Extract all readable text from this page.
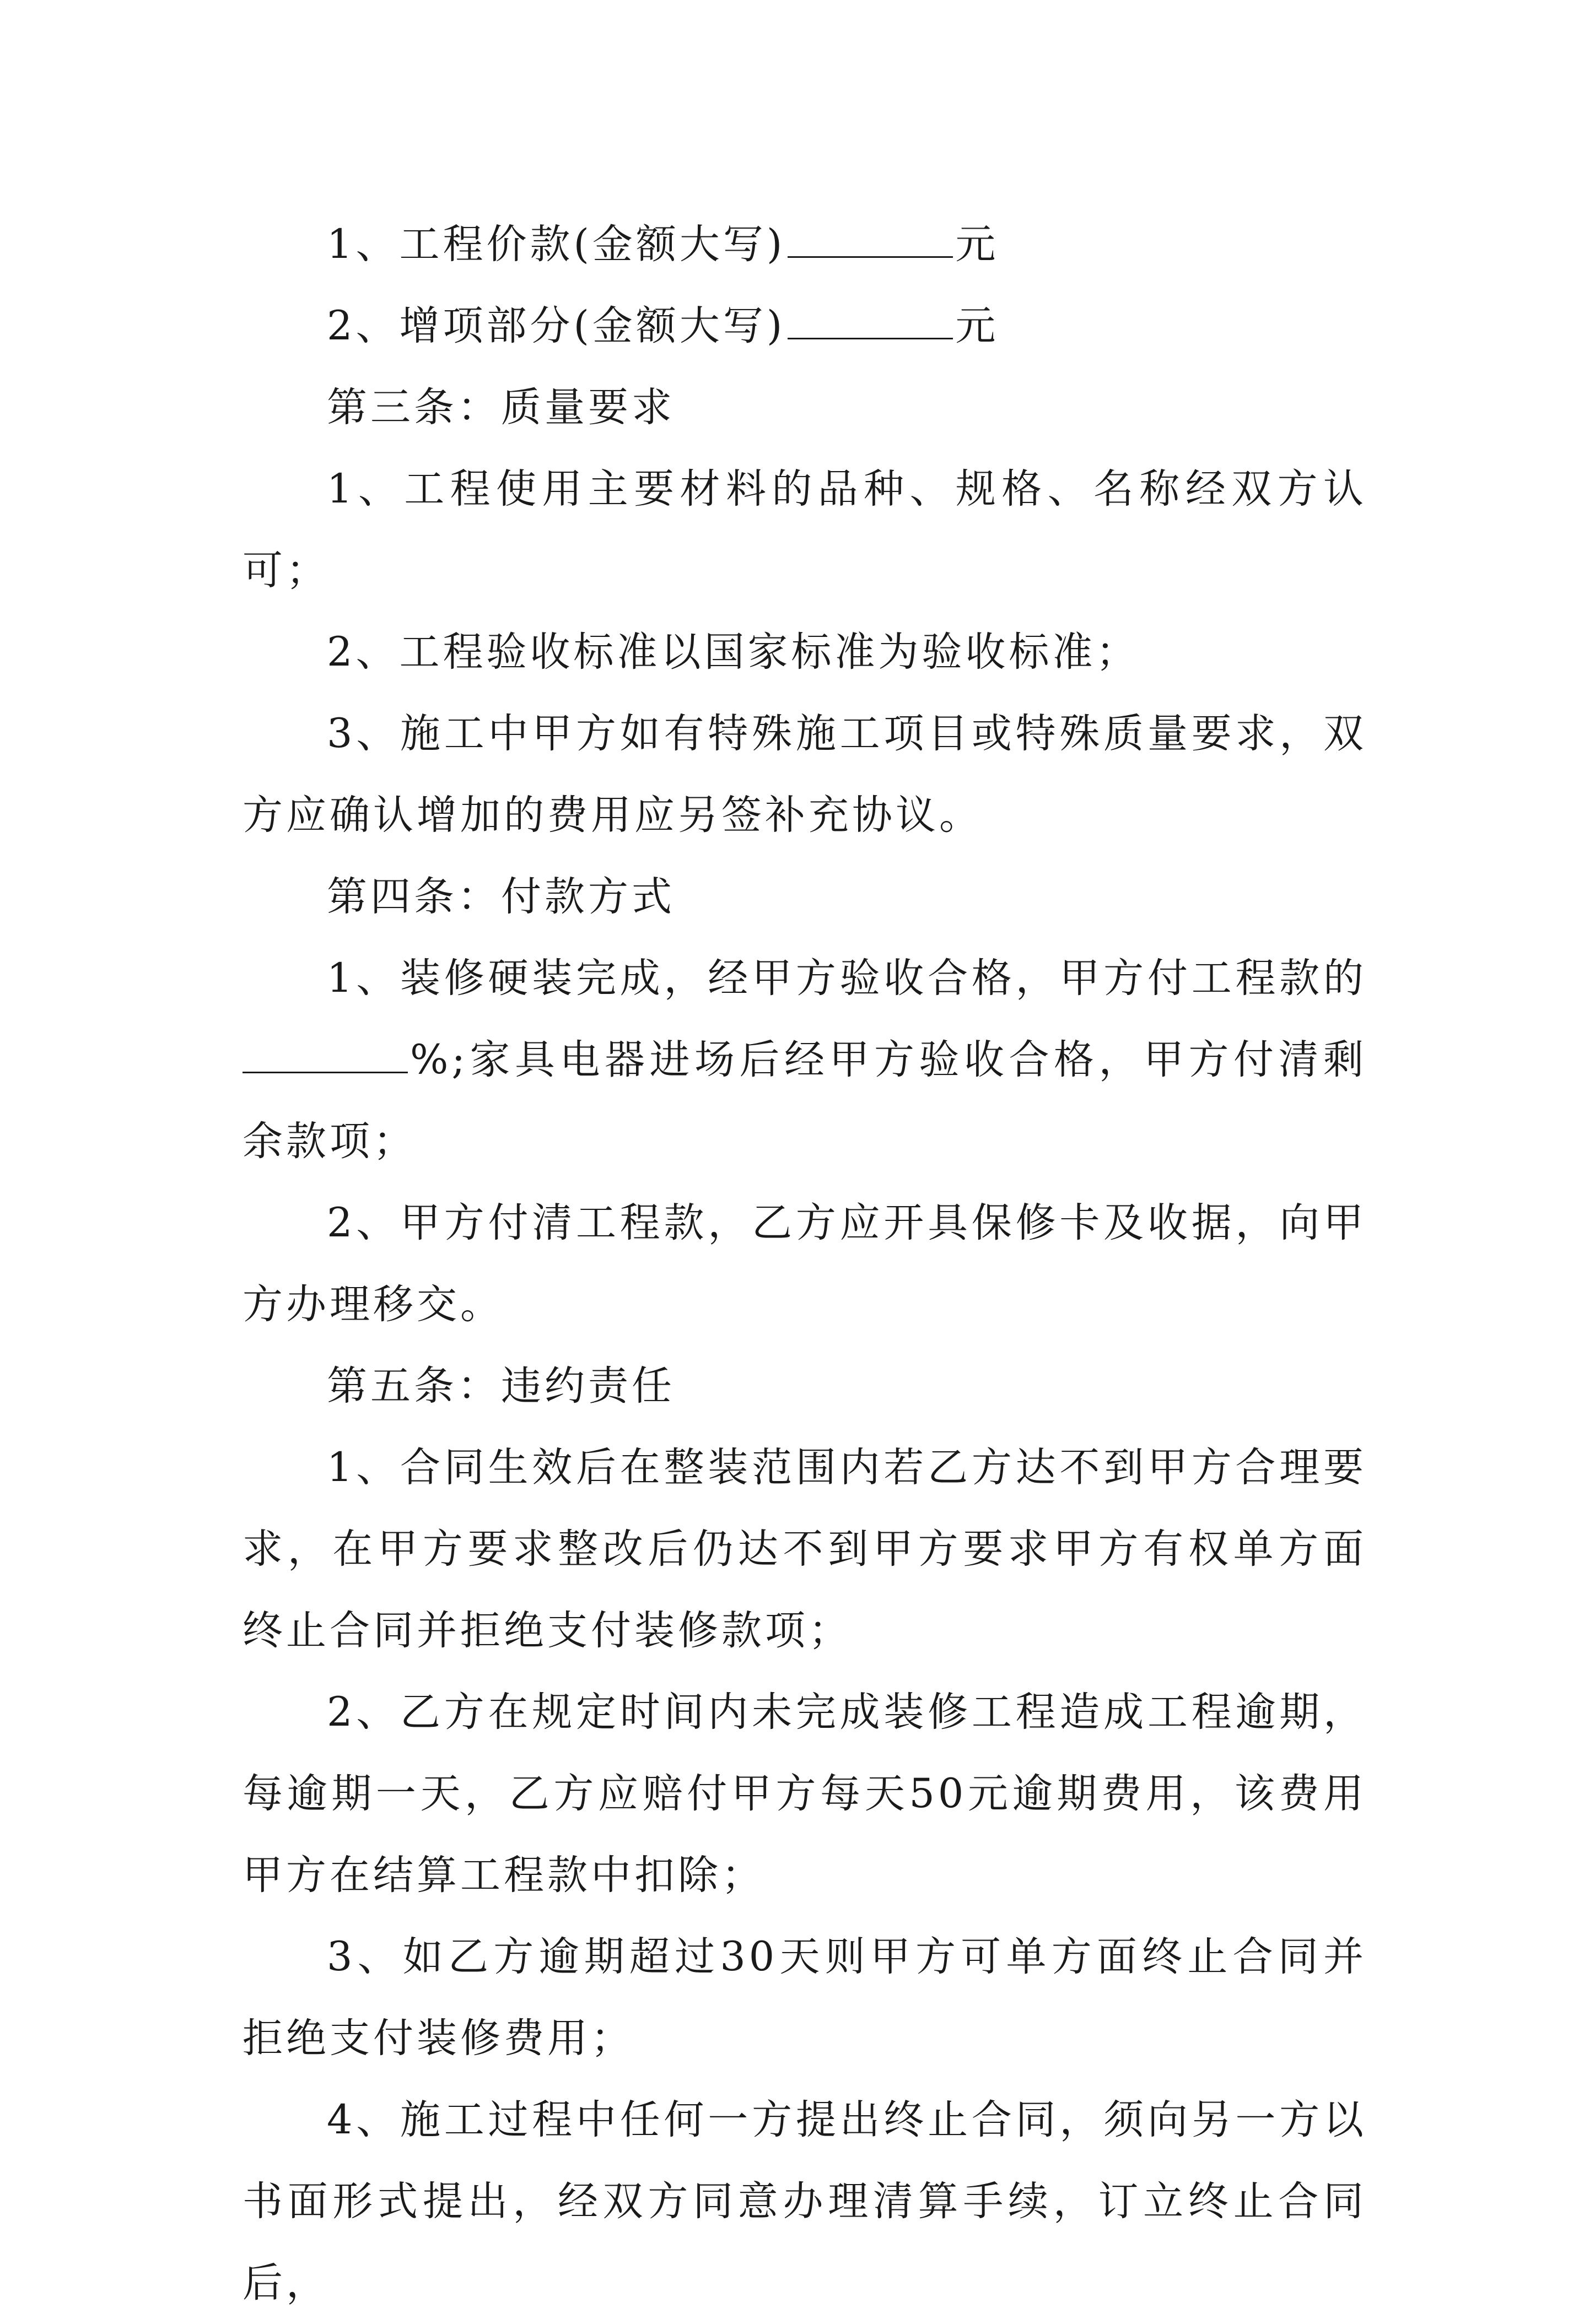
1、工程价款(金额大写)	元

2、增项部分(金额大写)	元

第三条：质量要求

1、工程使用主要材料的品种、规格、名称经双方认可；

2、工程验收标准以国家标准为验收标准；

3、施工中甲方如有特殊施工项目或特殊质量要求，双方应确认增加的费用应另签补充协议。

第四条：付款方式

1、装修硬装完成，经甲方验收合格，甲方付工程款的%;家具电器进场后经甲方验收合格，甲方付清剩余款项；

2、甲方付清工程款，乙方应开具保修卡及收据，向甲方办理移交。

第五条：违约责任

1、合同生效后在整装范围内若乙方达不到甲方合理要求，在甲方要求整改后仍达不到甲方要求甲方有权单方面终止合同并拒绝支付装修款项；

2、乙方在规定时间内未完成装修工程造成工程逾期，每逾期一天，乙方应赔付甲方每天50元逾期费用，该费用甲方在结算工程款中扣除；

3、如乙方逾期超过30天则甲方可单方面终止合同并拒绝支付装修费用；

4、施工过程中任何一方提出终止合同，须向另一方以书面形式提出，经双方同意办理清算手续，订立终止合同后，
